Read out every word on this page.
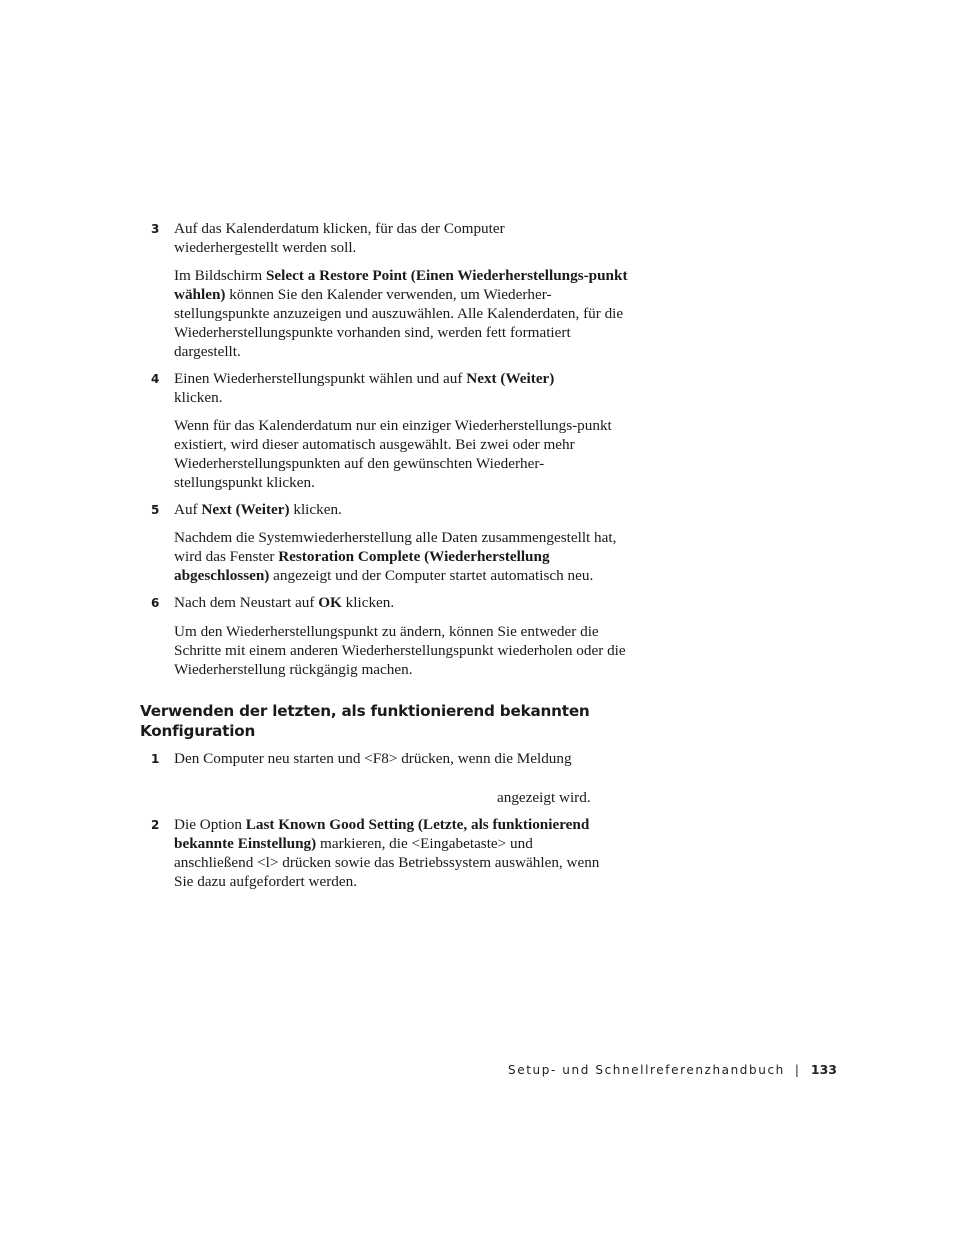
3 Auf das Kalenderdatum klicken, für das der Computer wiederhergestellt werden soll.

Im Bildschirm Select a Restore Point (Einen Wiederherstellungs-punkt wählen) können Sie den Kalender verwenden, um Wiederher-stellungspunkte anzuzeigen und auszuwählen. Alle Kalenderdaten, für die Wiederherstellungspunkte vorhanden sind, werden fett formatiert dargestellt.

4 Einen Wiederherstellungspunkt wählen und auf Next (Weiter) klicken.

Wenn für das Kalenderdatum nur ein einziger Wiederherstellungs-punkt existiert, wird dieser automatisch ausgewählt. Bei zwei oder mehr Wiederherstellungspunkten auf den gewünschten Wiederher-stellungspunkt klicken.

5 Auf Next (Weiter) klicken.

Nachdem die Systemwiederherstellung alle Daten zusammengestellt hat, wird das Fenster Restoration Complete (Wiederherstellung abgeschlossen) angezeigt und der Computer startet automatisch neu.

6 Nach dem Neustart auf OK klicken.

Um den Wiederherstellungspunkt zu ändern, können Sie entweder die Schritte mit einem anderen Wiederherstellungspunkt wiederholen oder die Wiederherstellung rückgängig machen.

Verwenden der letzten, als funktionierend bekannten Konfiguration
1 Den Computer neu starten und <F8> drücken, wenn die Meldung

angezeigt wird.
2 Die Option Last Known Good Setting (Letzte, als funktionierend bekannte Einstellung) markieren, die <Eingabetaste> und anschließend <l> drücken sowie das Betriebssystem auswählen, wenn Sie dazu aufgefordert werden.

Setup- und Schnellreferenzhandbuch | 133
